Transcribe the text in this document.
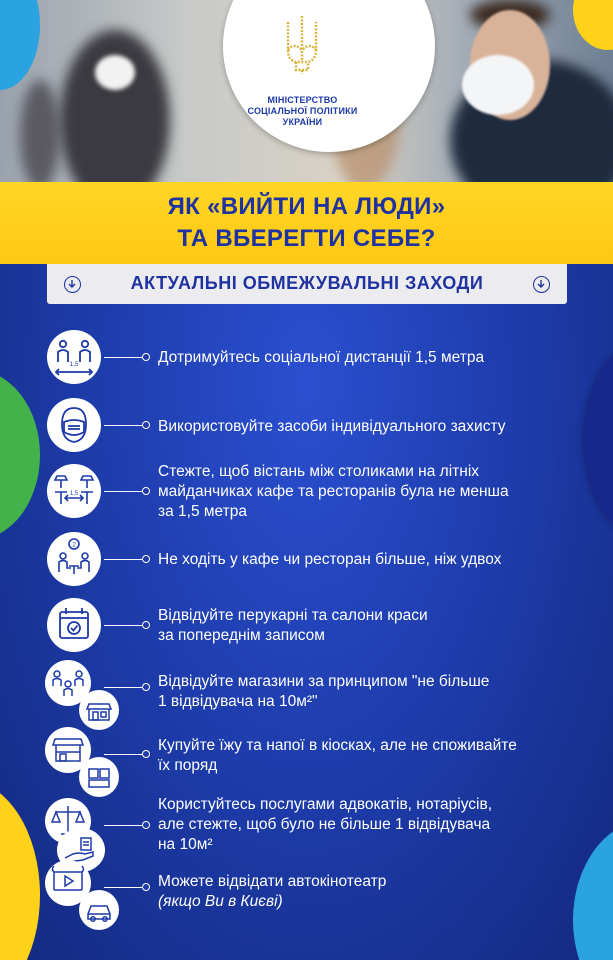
МІНІСТЕРСТВО
СОЦІАЛЬНОЇ ПОЛІТИКИ
УКРАЇНИ
ЯК «ВИЙТИ НА ЛЮДИ»
ТА ВБЕРЕГТИ СЕБЕ?
АКТУАЛЬНІ ОБМЕЖУВАЛЬНІ ЗАХОДИ
1,5	Дотримуйтесь соціальної дистанції 1,5 метра
Використовуйте засоби індивідуального захисту
1,5
Стежте, щоб вістань між столиками на літніх
майданчиках кафе та ресторанів була не менша
за 1,5 метра
2
Не ходіть у кафе чи ресторан більше, ніж удвох
Відвідуйте перукарні та салони краси
за попереднім записом
Відвідуйте магазини за принципом "не більше
1 відвідувача на 10м²"
Купуйте їжу та напої в кіосках, але не споживайте
їх поряд
Користуйтесь послугами адвокатів, нотаріусів,
але стежте, щоб було не більше 1 відвідувача
на 10м²
Можете відвідати автокінотеатр
(якщо Ви в Києві)
